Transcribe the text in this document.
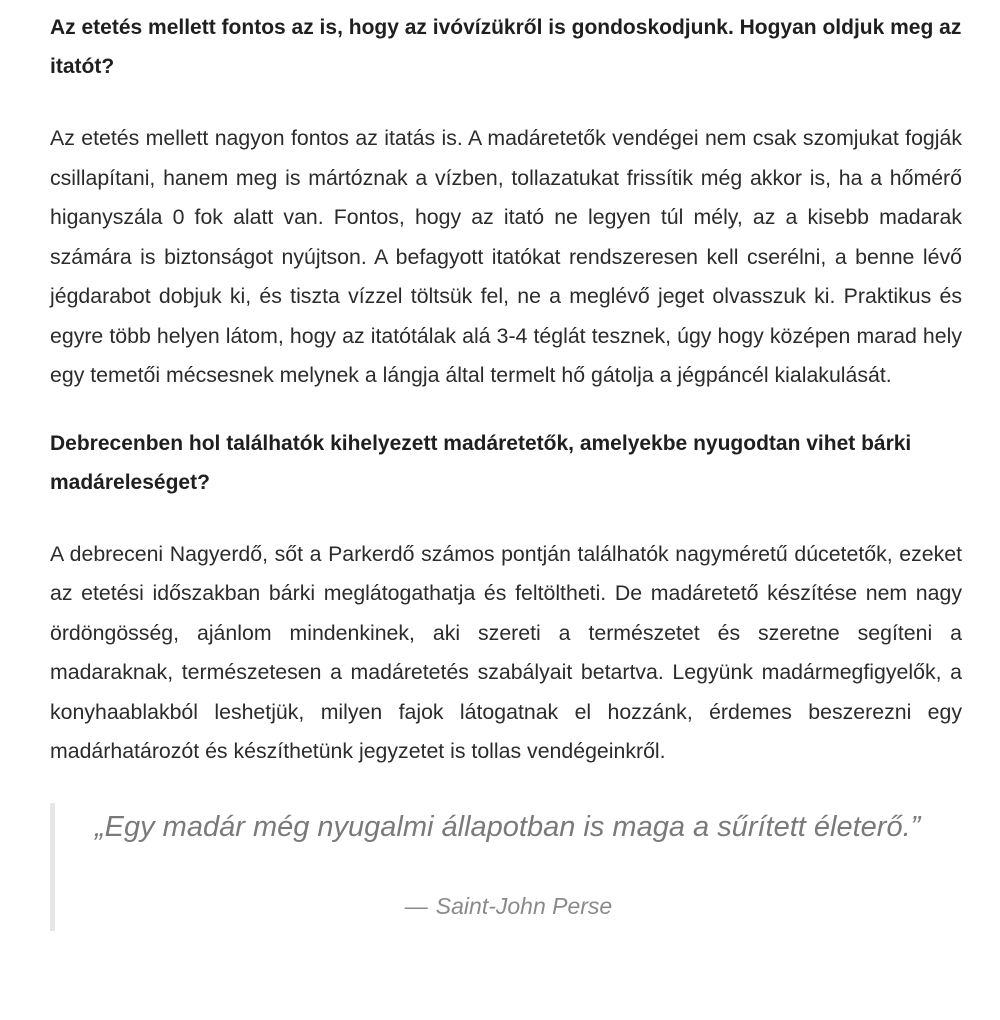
Az etetés mellett fontos az is, hogy az ivóvízükről is gondoskodjunk. Hogyan oldjuk meg az itatót?

Az etetés mellett nagyon fontos az itatás is. A madáretetők vendégei nem csak szomjukat fogják csillapítani, hanem meg is mártóznak a vízben, tollazatukat frissítik még akkor is, ha a hőmérő higanyszála 0 fok alatt van. Fontos, hogy az itató ne legyen túl mély, az a kisebb madarak számára is biztonságot nyújtson. A befagyott itatókat rendszeresen kell cserélni, a benne lévő jégdarabot dobjuk ki, és tiszta vízzel töltsük fel, ne a meglévő jeget olvasszuk ki. Praktikus és egyre több helyen látom, hogy az itatótálak alá 3-4 téglát tesznek, úgy hogy középen marad hely egy temetői mécsesnek melynek a lángja által termelt hő gátolja a jégpáncél kialakulását.

Debrecenben hol találhatók kihelyezett madáretetők, amelyekbe nyugodtan vihet bárki madáreleséget?

A debreceni Nagyerdő, sőt a Parkerdő számos pontján találhatók nagyméretű dúcetetők, ezeket az etetési időszakban bárki meglátogathatja és feltöltheti. De madáretető készítése nem nagy ördöngösség, ajánlom mindenkinek, aki szereti a természetet és szeretne segíteni a madaraknak, természetesen a madáretetés szabályait betartva. Legyünk madármegfigyelők, a konyhaablakból leshetjük, milyen fajok látogatnak el hozzánk, érdemes beszerezni egy madárhatározót és készíthetünk jegyzetet is tollas vendégeinkről.

„Egy madár még nyugalmi állapotban is maga a sűrített életerő.”
— Saint-John Perse
